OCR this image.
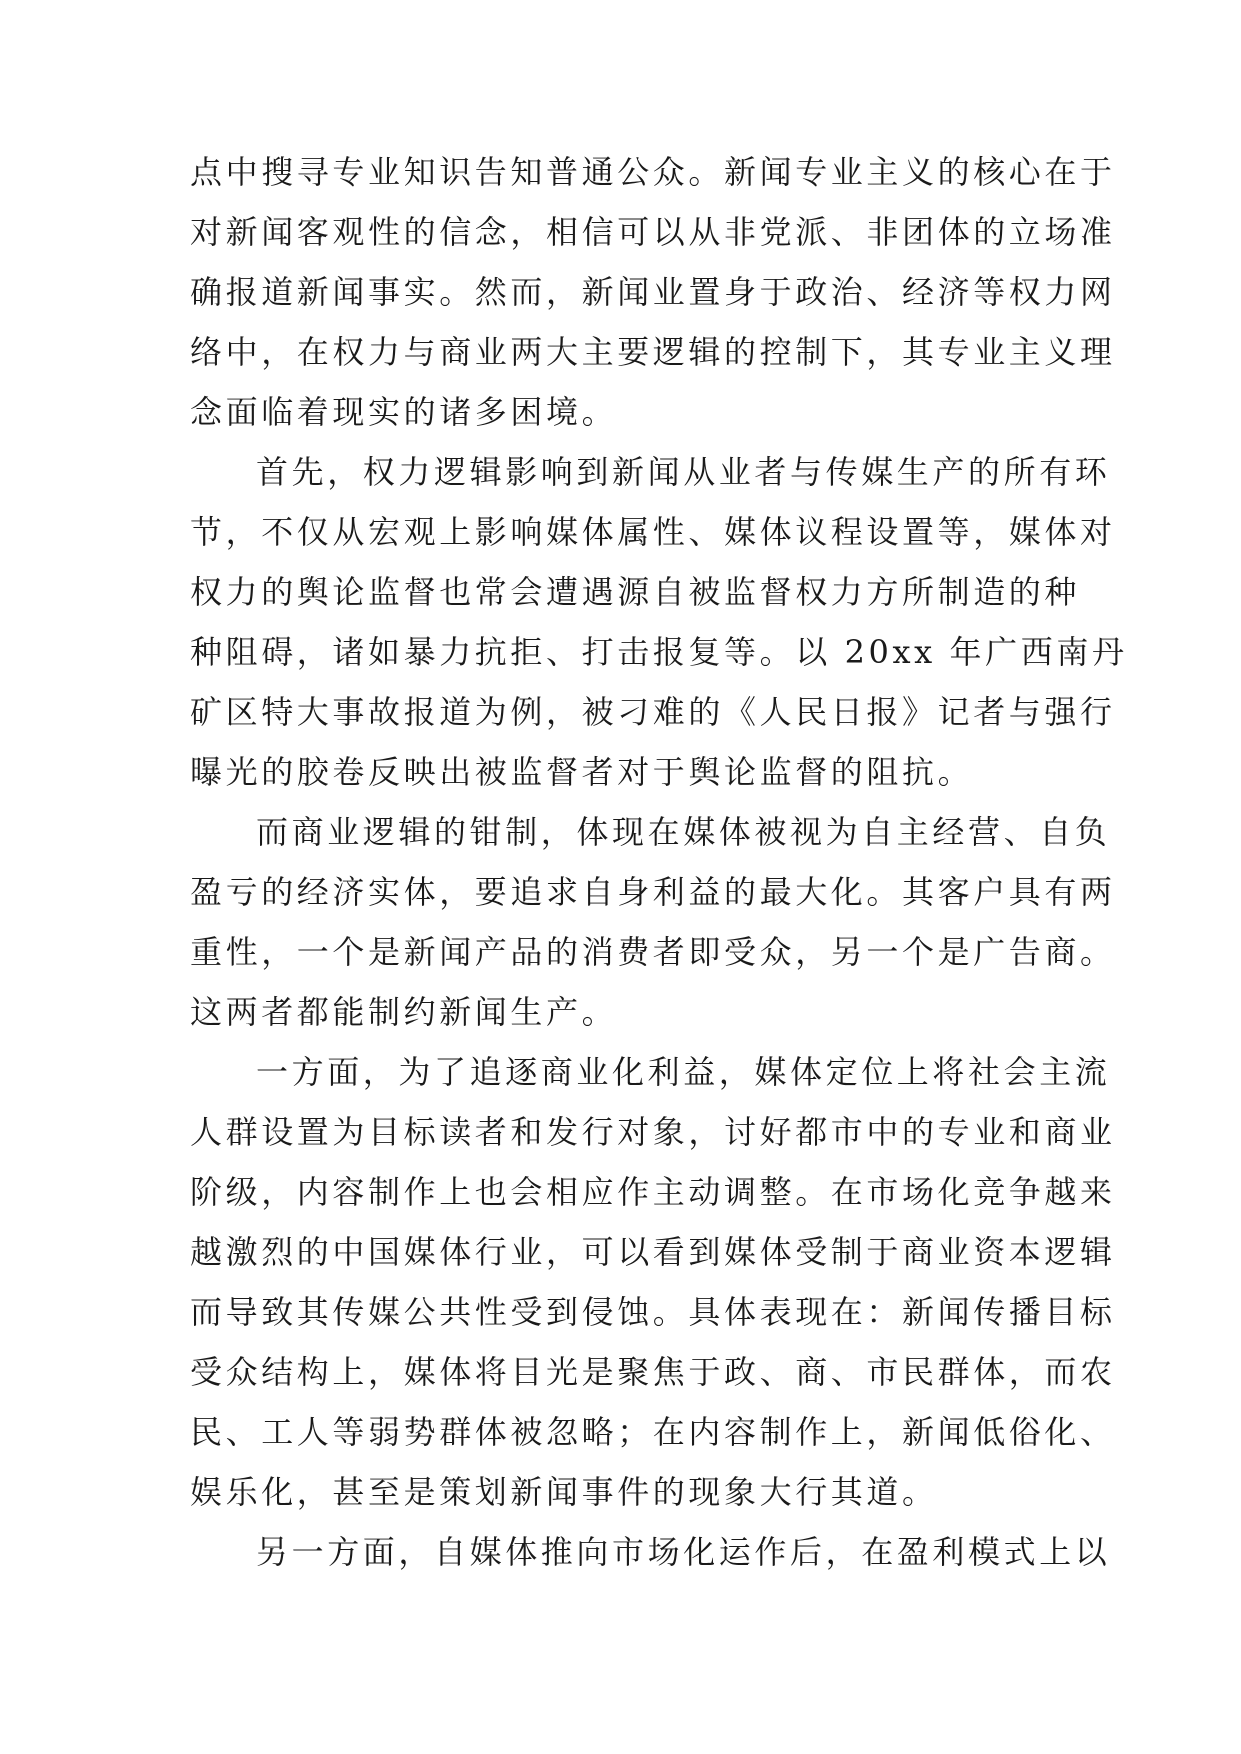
点中搜寻专业知识告知普通公众。新闻专业主义的核心在于
对新闻客观性的信念，相信可以从非党派、非团体的立场准
确报道新闻事实。然而，新闻业置身于政治、经济等权力网
络中，在权力与商业两大主要逻辑的控制下，其专业主义理
念面临着现实的诸多困境。
首先，权力逻辑影响到新闻从业者与传媒生产的所有环
节，不仅从宏观上影响媒体属性、媒体议程设置等，媒体对
权力的舆论监督也常会遭遇源自被监督权力方所制造的种
种阻碍，诸如暴力抗拒、打击报复等。以 20xx 年广西南丹
矿区特大事故报道为例，被刁难的《人民日报》记者与强行
曝光的胶卷反映出被监督者对于舆论监督的阻抗。
而商业逻辑的钳制，体现在媒体被视为自主经营、自负
盈亏的经济实体，要追求自身利益的最大化。其客户具有两
重性，一个是新闻产品的消费者即受众，另一个是广告商。
这两者都能制约新闻生产。
一方面，为了追逐商业化利益，媒体定位上将社会主流
人群设置为目标读者和发行对象，讨好都市中的专业和商业
阶级，内容制作上也会相应作主动调整。在市场化竞争越来
越激烈的中国媒体行业，可以看到媒体受制于商业资本逻辑
而导致其传媒公共性受到侵蚀。具体表现在：新闻传播目标
受众结构上，媒体将目光是聚焦于政、商、市民群体，而农
民、工人等弱势群体被忽略；在内容制作上，新闻低俗化、
娱乐化，甚至是策划新闻事件的现象大行其道。
另一方面，自媒体推向市场化运作后，在盈利模式上以
